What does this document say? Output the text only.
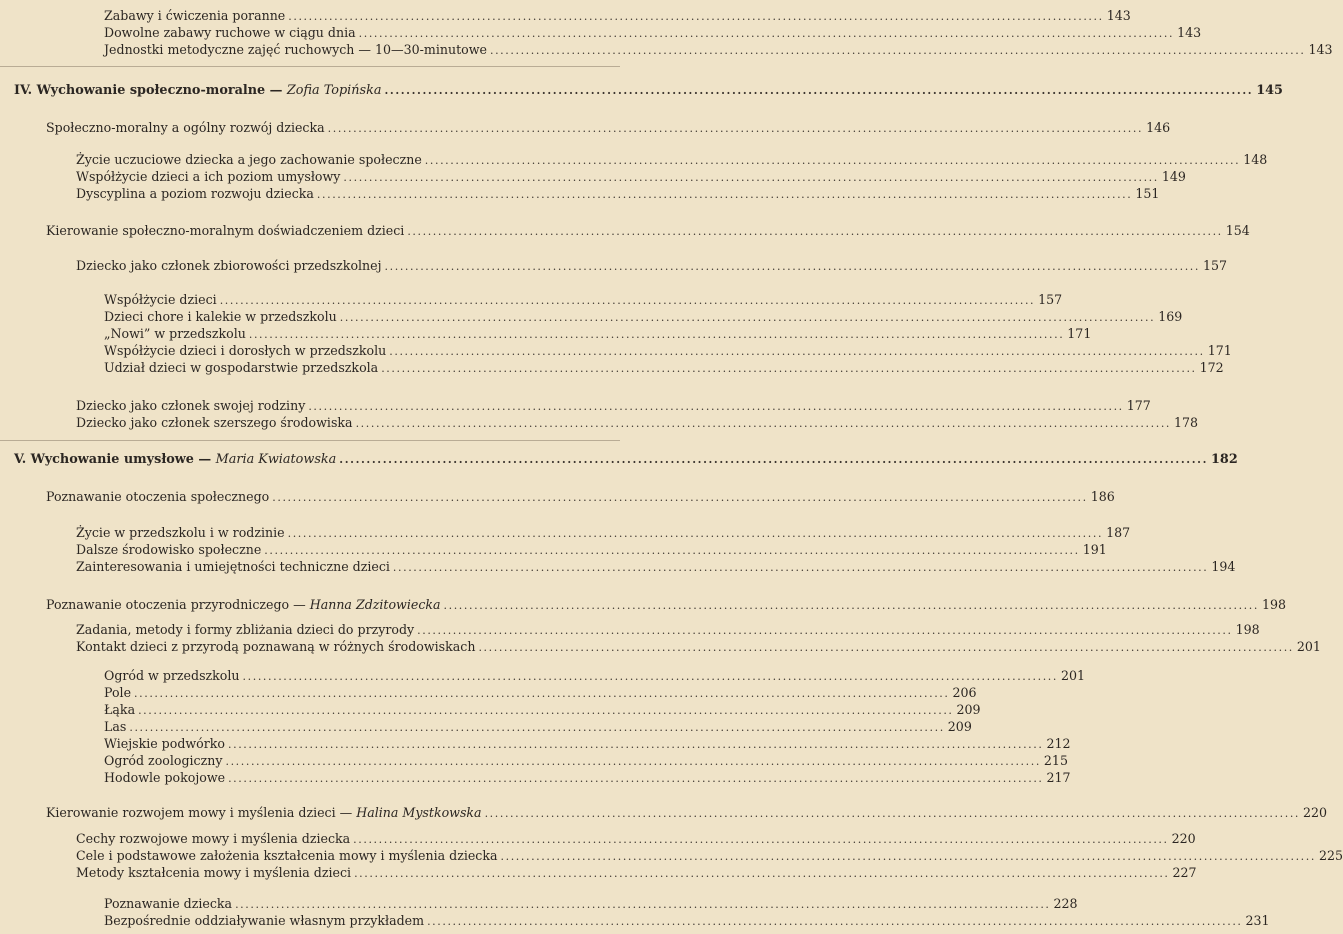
Zabawy i ćwiczenia poranne ................................................................................................................................................................ 143
Dowolne zabawy ruchowe w ciągu dnia ................................................................................................................................................................ 143
Jednostki metodyczne zajęć ruchowych — 10—30-minutowe ................................................................................................................................................................ 143
IV. Wychowanie społeczno-moralne — Zofia Topińska ................................................................................................................................................................ 145
Społeczno-moralny a ogólny rozwój dziecka ................................................................................................................................................................ 146
Życie uczuciowe dziecka a jego zachowanie społeczne ................................................................................................................................................................ 148
Współżycie dzieci a ich poziom umysłowy ................................................................................................................................................................ 149
Dyscyplina a poziom rozwoju dziecka ................................................................................................................................................................ 151
Kierowanie społeczno-moralnym doświadczeniem dzieci ................................................................................................................................................................ 154
Dziecko jako członek zbiorowości przedszkolnej ................................................................................................................................................................ 157
Współżycie dzieci ................................................................................................................................................................ 157
Dzieci chore i kalekie w przedszkolu ................................................................................................................................................................ 169
„Nowi” w przedszkolu ................................................................................................................................................................ 171
Współżycie dzieci i dorosłych w przedszkolu ................................................................................................................................................................ 171
Udział dzieci w gospodarstwie przedszkola ................................................................................................................................................................ 172
Dziecko jako członek swojej rodziny ................................................................................................................................................................ 177
Dziecko jako członek szerszego środowiska ................................................................................................................................................................ 178
V. Wychowanie umysłowe — Maria Kwiatowska ................................................................................................................................................................ 182
Poznawanie otoczenia społecznego ................................................................................................................................................................ 186
Życie w przedszkolu i w rodzinie ................................................................................................................................................................ 187
Dalsze środowisko społeczne ................................................................................................................................................................ 191
Zainteresowania i umiejętności techniczne dzieci ................................................................................................................................................................ 194
Poznawanie otoczenia przyrodniczego — Hanna Zdzitowiecka ................................................................................................................................................................ 198
Zadania, metody i formy zbliżania dzieci do przyrody ................................................................................................................................................................ 198
Kontakt dzieci z przyrodą poznawaną w różnych środowiskach ................................................................................................................................................................ 201
Ogród w przedszkolu ................................................................................................................................................................ 201
Pole ................................................................................................................................................................ 206
Łąka ................................................................................................................................................................ 209
Las ................................................................................................................................................................ 209
Wiejskie podwórko ................................................................................................................................................................ 212
Ogród zoologiczny ................................................................................................................................................................ 215
Hodowle pokojowe ................................................................................................................................................................ 217
Kierowanie rozwojem mowy i myślenia dzieci — Halina Mystkowska ................................................................................................................................................................ 220
Cechy rozwojowe mowy i myślenia dziecka ................................................................................................................................................................ 220
Cele i podstawowe założenia kształcenia mowy i myślenia dziecka ................................................................................................................................................................ 225
Metody kształcenia mowy i myślenia dzieci ................................................................................................................................................................ 227
Poznawanie dziecka ................................................................................................................................................................ 228
Bezpośrednie oddziaływanie własnym przykładem ................................................................................................................................................................ 231
